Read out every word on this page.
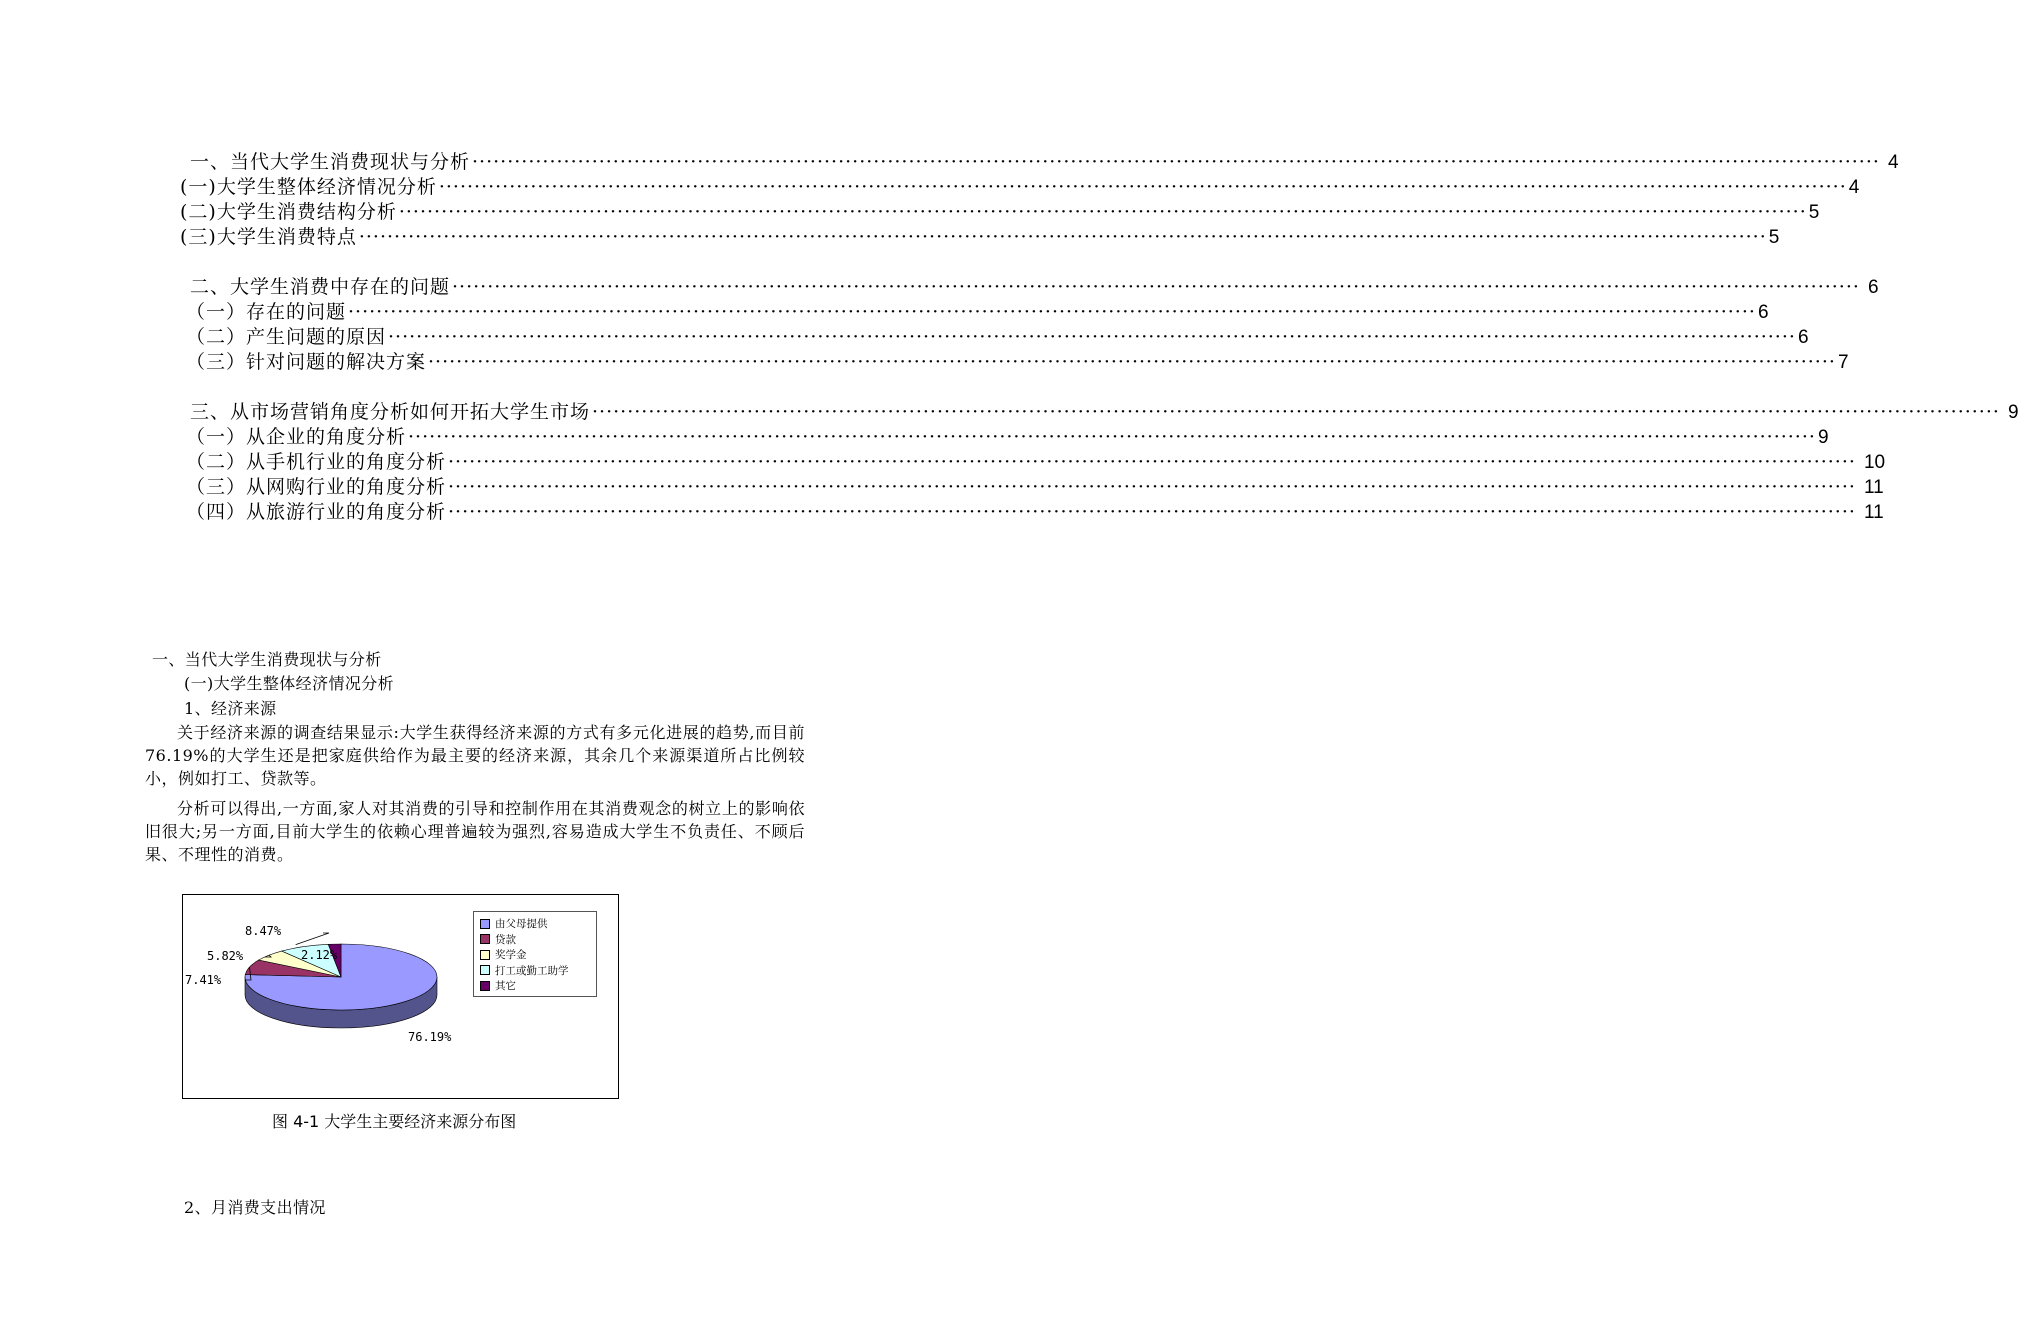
一、当代大学生消费现状与分析 ········································································································································································································ 4
(一)大学生整体经济情况分析 ········································································································································································································ 4
(二)大学生消费结构分析 ········································································································································································································ 5
(三)大学生消费特点 ········································································································································································································ 5
二、大学生消费中存在的问题 ········································································································································································································ 6
（一）存在的问题 ········································································································································································································ 6
（二）产生问题的原因 ········································································································································································································ 6
（三）针对问题的解决方案 ········································································································································································································ 7
三、从市场营销角度分析如何开拓大学生市场 ········································································································································································································ 9
（一）从企业的角度分析 ········································································································································································································ 9
（二）从手机行业的角度分析 ········································································································································································································ 10
（三）从网购行业的角度分析 ········································································································································································································ 11
（四）从旅游行业的角度分析 ········································································································································································································ 11
一、当代大学生消费现状与分析
(一)大学生整体经济情况分析
1、经济来源
关于经济来源的调查结果显示:大学生获得经济来源的方式有多元化进展的趋势,而目前76.19%的大学生还是把家庭供给作为最主要的经济来源，其余几个来源渠道所占比例较小，例如打工、贷款等。
分析可以得出,一方面,家人对其消费的引导和控制作用在其消费观念的树立上的影响依旧很大;另一方面,目前大学生的依赖心理普遍较为强烈,容易造成大学生不负责任、不顾后果、不理性的消费。
76.19%
7.41%
5.82%
8.47%
2.12%
由父母提供
贷款
奖学金
打工或勤工助学
其它
图 4-1 大学生主要经济来源分布图
2、月消费支出情况
